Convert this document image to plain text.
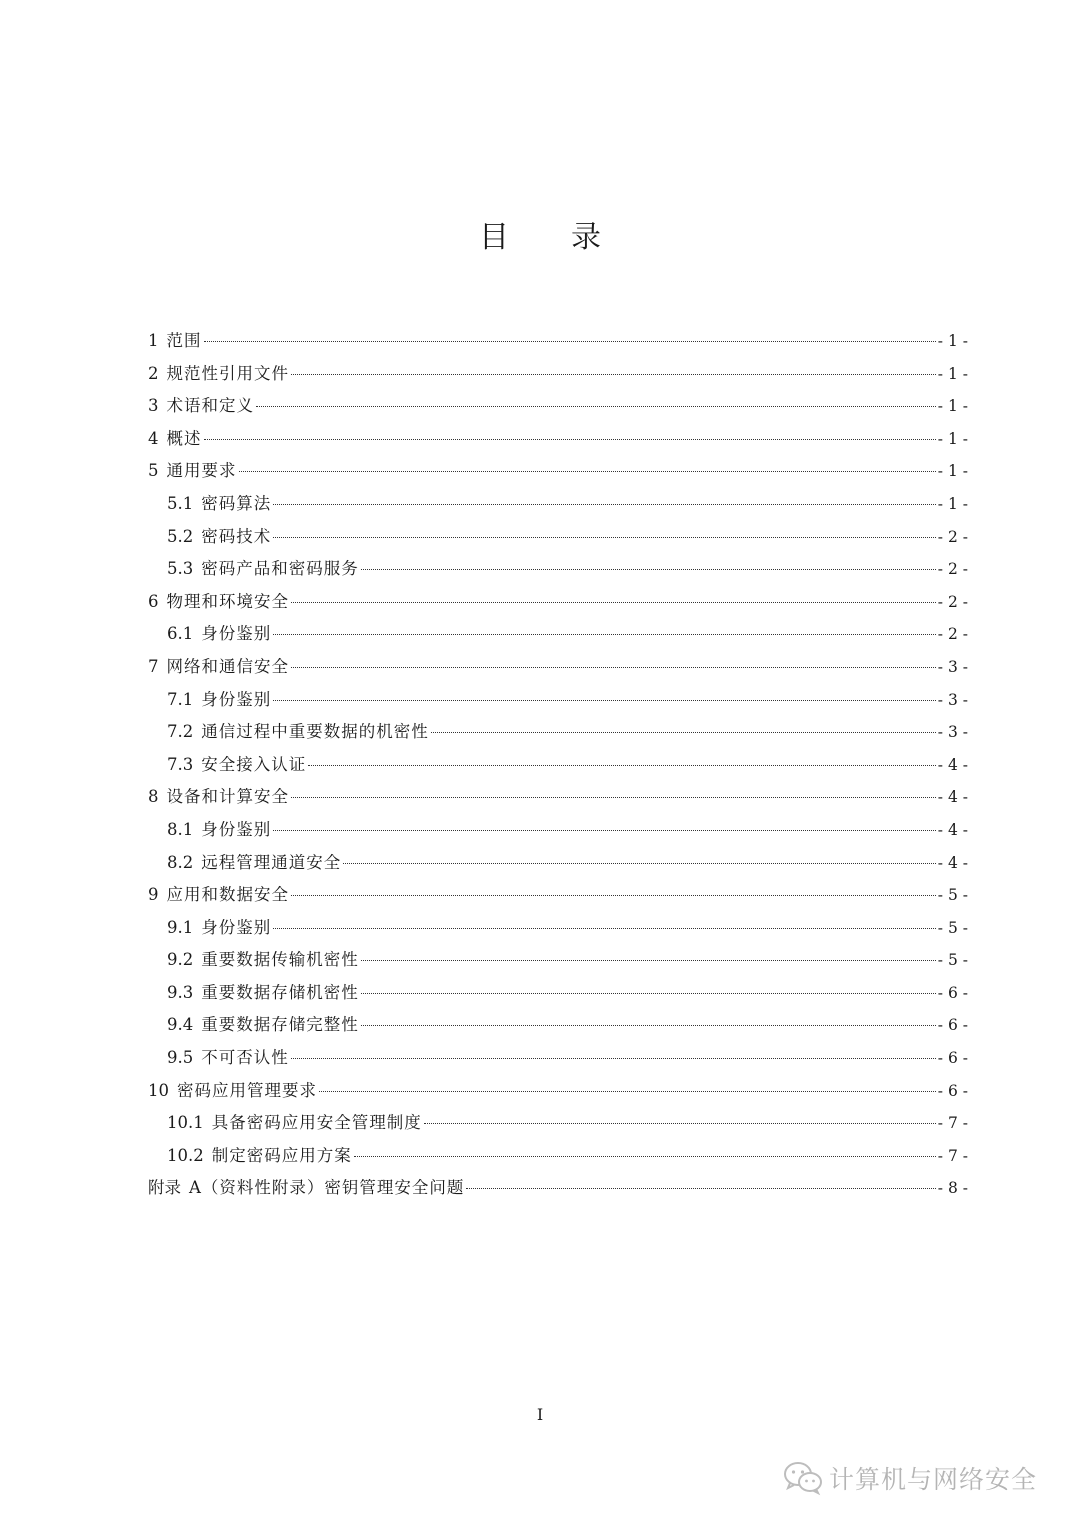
目 录
1 范围	- 1 -
2 规范性引用文件	- 1 -
3 术语和定义	- 1 -
4 概述	- 1 -
5 通用要求	- 1 -
5.1 密码算法	- 1 -
5.2 密码技术	- 2 -
5.3 密码产品和密码服务	- 2 -
6 物理和环境安全	- 2 -
6.1 身份鉴别	- 2 -
7 网络和通信安全	- 3 -
7.1 身份鉴别	- 3 -
7.2 通信过程中重要数据的机密性	- 3 -
7.3 安全接入认证	- 4 -
8 设备和计算安全	- 4 -
8.1 身份鉴别	- 4 -
8.2 远程管理通道安全	- 4 -
9 应用和数据安全	- 5 -
9.1 身份鉴别	- 5 -
9.2 重要数据传输机密性	- 5 -
9.3 重要数据存储机密性	- 6 -
9.4 重要数据存储完整性	- 6 -
9.5 不可否认性	- 6 -
10 密码应用管理要求	- 6 -
10.1 具备密码应用安全管理制度	- 7 -
10.2 制定密码应用方案	- 7 -
附录 A（资料性附录）密钥管理安全问题	- 8 -
I
计算机与网络安全
